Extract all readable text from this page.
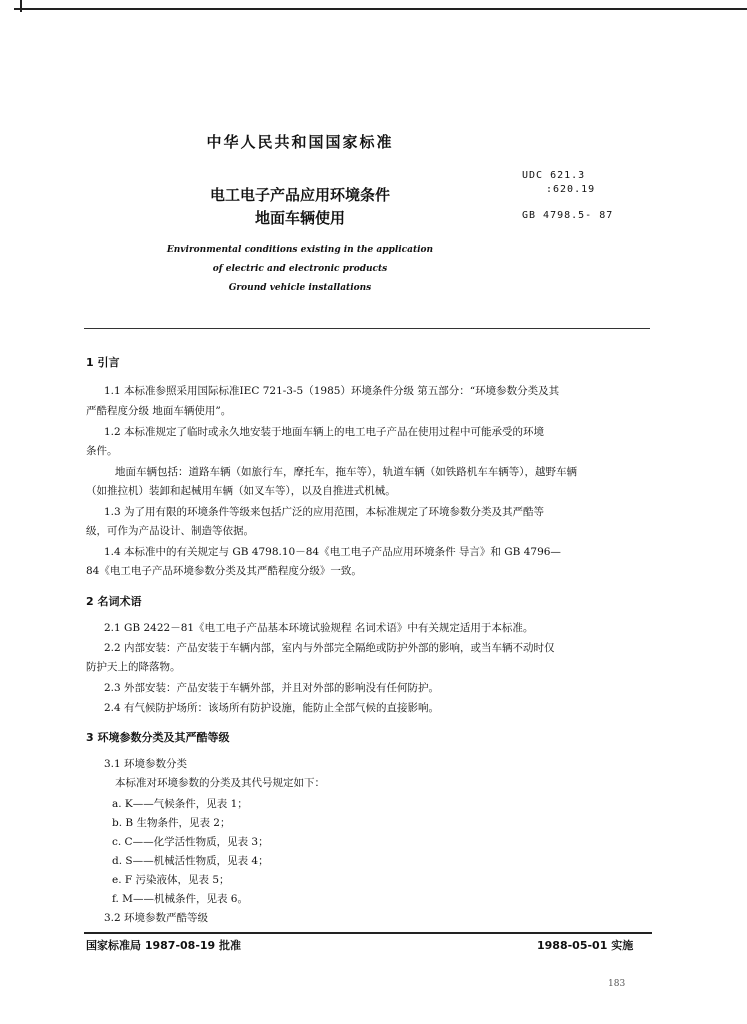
中华人民共和国国家标准
电工电子产品应用环境条件
地面车辆使用
Environmental conditions existing in the application
of electric and electronic products
Ground vehicle installations
UDC 621.3
:620.19
GB 4798.5- 87
1 引言
1.1 本标准参照采用国际标准IEC 721-3-5（1985）环境条件分级 第五部分：“环境参数分类及其
严酷程度分级 地面车辆使用”。
1.2 本标准规定了临时或永久地安装于地面车辆上的电工电子产品在使用过程中可能承受的环境
条件。
地面车辆包括：道路车辆（如旅行车，摩托车，拖车等），轨道车辆（如铁路机车车辆等），越野车辆
（如推拉机）装卸和起械用车辆（如叉车等），以及自推进式机械。
1.3 为了用有限的环境条件等级来包括广泛的应用范围，本标准规定了环境参数分类及其严酷等
级，可作为产品设计、制造等依据。
1.4 本标准中的有关规定与 GB 4798.10－84《电工电子产品应用环境条件 导言》和 GB 4796—
84《电工电子产品环境参数分类及其严酷程度分级》一致。
2 名词术语
2.1 GB 2422－81《电工电子产品基本环境试验规程 名词术语》中有关规定适用于本标准。
2.2 内部安装：产品安装于车辆内部，室内与外部完全隔绝或防护外部的影响，或当车辆不动时仅
防护天上的降落物。
2.3 外部安装：产品安装于车辆外部，并且对外部的影响没有任何防护。
2.4 有气候防护场所：该场所有防护设施，能防止全部气候的直接影响。
3 环境参数分类及其严酷等级
3.1 环境参数分类
本标准对环境参数的分类及其代号规定如下：
a. K——气候条件，见表 1；
b. B 生物条件，见表 2；
c. C——化学活性物质，见表 3；
d. S——机械活性物质，见表 4；
e. F 污染液体，见表 5；
f. M——机械条件，见表 6。
3.2 环境参数严酷等级
国家标准局 1987-08-19 批准	1988-05-01 实施
183
